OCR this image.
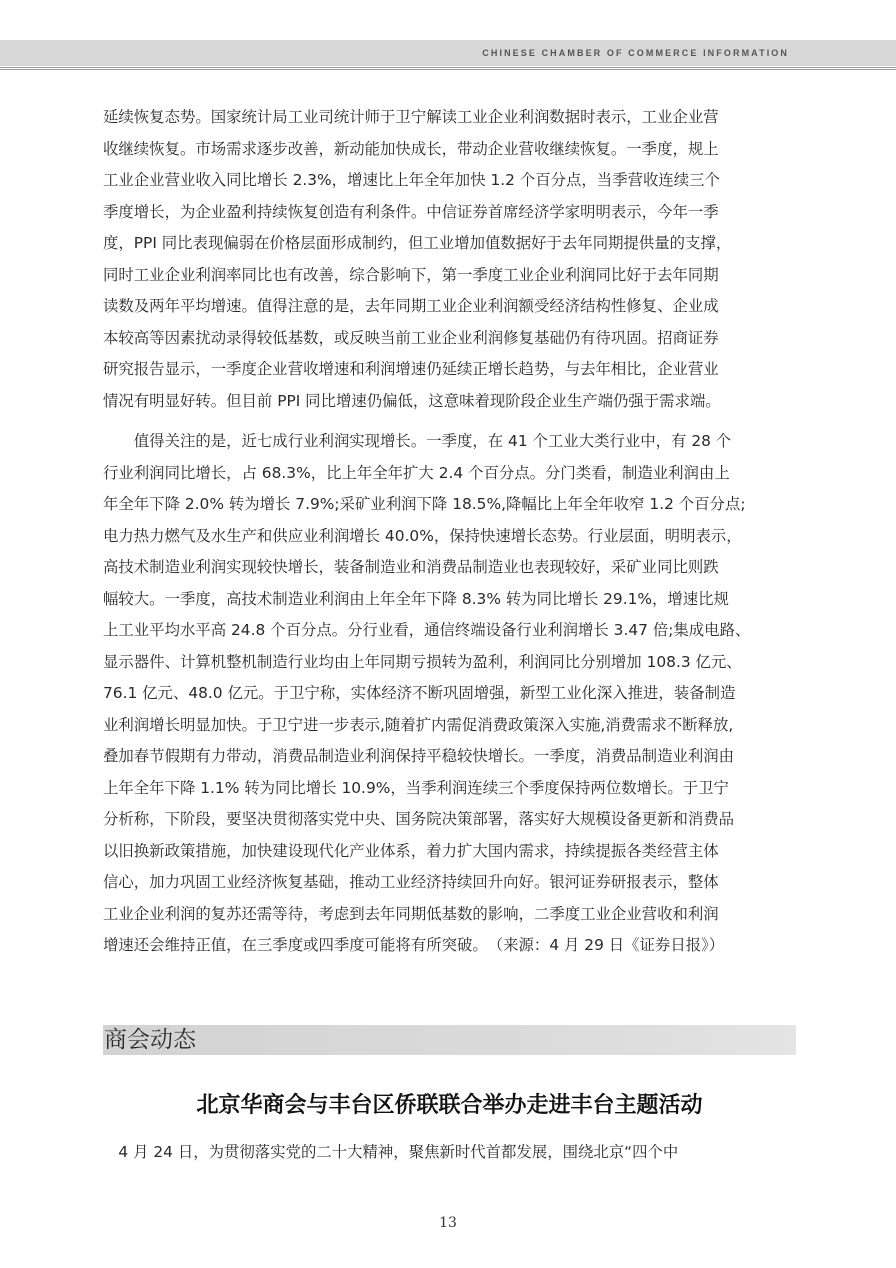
CHINESE CHAMBER OF COMMERCE INFORMATION
延续恢复态势。国家统计局工业司统计师于卫宁解读工业企业利润数据时表示，工业企业营
收继续恢复。市场需求逐步改善，新动能加快成长，带动企业营收继续恢复。一季度，规上
工业企业营业收入同比增长 2.3%，增速比上年全年加快 1.2 个百分点，当季营收连续三个
季度增长，为企业盈利持续恢复创造有利条件。中信证券首席经济学家明明表示，今年一季
度，PPI 同比表现偏弱在价格层面形成制约，但工业增加值数据好于去年同期提供量的支撑，
同时工业企业利润率同比也有改善，综合影响下，第一季度工业企业利润同比好于去年同期
读数及两年平均增速。值得注意的是，去年同期工业企业利润额受经济结构性修复、企业成
本较高等因素扰动录得较低基数，或反映当前工业企业利润修复基础仍有待巩固。招商证券
研究报告显示，一季度企业营收增速和利润增速仍延续正增长趋势，与去年相比，企业营业
情况有明显好转。但目前 PPI 同比增速仍偏低，这意味着现阶段企业生产端仍强于需求端。
　　值得关注的是，近七成行业利润实现增长。一季度，在 41 个工业大类行业中，有 28 个
行业利润同比增长，占 68.3%，比上年全年扩大 2.4 个百分点。分门类看，制造业利润由上
年全年下降 2.0% 转为增长 7.9%;采矿业利润下降 18.5%,降幅比上年全年收窄 1.2 个百分点;
电力热力燃气及水生产和供应业利润增长 40.0%，保持快速增长态势。行业层面，明明表示，
高技术制造业利润实现较快增长，装备制造业和消费品制造业也表现较好，采矿业同比则跌
幅较大。一季度，高技术制造业利润由上年全年下降 8.3% 转为同比增长 29.1%，增速比规
上工业平均水平高 24.8 个百分点。分行业看，通信终端设备行业利润增长 3.47 倍;集成电路、
显示器件、计算机整机制造行业均由上年同期亏损转为盈利，利润同比分别增加 108.3 亿元、
76.1 亿元、48.0 亿元。于卫宁称，实体经济不断巩固增强，新型工业化深入推进，装备制造
业利润增长明显加快。于卫宁进一步表示,随着扩内需促消费政策深入实施,消费需求不断释放,
叠加春节假期有力带动，消费品制造业利润保持平稳较快增长。一季度，消费品制造业利润由
上年全年下降 1.1% 转为同比增长 10.9%，当季利润连续三个季度保持两位数增长。于卫宁
分析称，下阶段，要坚决贯彻落实党中央、国务院决策部署，落实好大规模设备更新和消费品
以旧换新政策措施，加快建设现代化产业体系，着力扩大国内需求，持续提振各类经营主体
信心，加力巩固工业经济恢复基础，推动工业经济持续回升向好。银河证券研报表示，整体
工业企业利润的复苏还需等待，考虑到去年同期低基数的影响，二季度工业企业营收和利润
增速还会维持正值，在三季度或四季度可能将有所突破。　（来源：4 月 29 日《证券日报》）
商会动态
北京华商会与丰台区侨联联合举办走进丰台主题活动
　4 月 24 日，为贯彻落实党的二十大精神，聚焦新时代首都发展，围绕北京“四个中
13
